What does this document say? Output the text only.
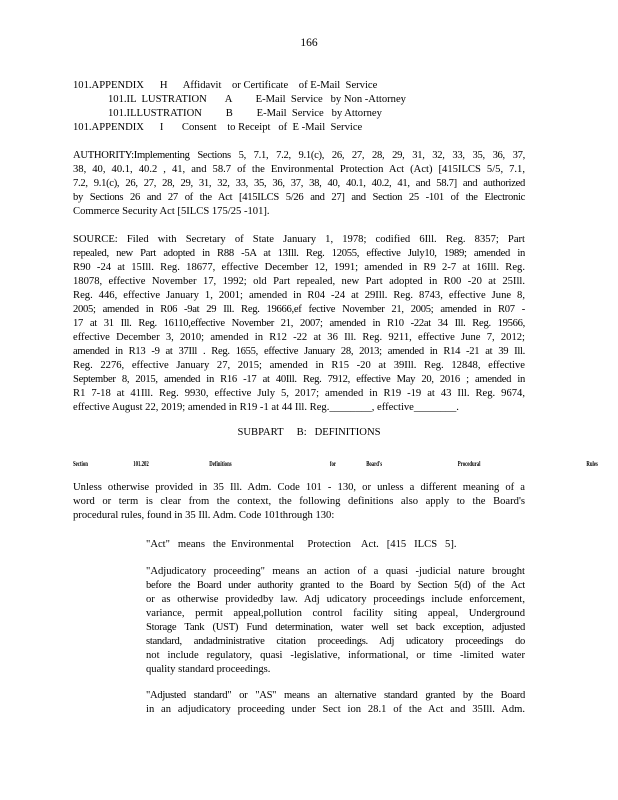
166
101.APPENDIX      H      Affidavit    or Certificate    of E-Mail  Service
101.IL  LUSTRATION       A         E-Mail  Service   by Non -Attorney
101.ILLUSTRATION         B         E-Mail  Service   by Attorney
101.APPENDIX      I       Consent    to Receipt   of  E -Mail  Service
AUTHORITY:Implementing Sections 5, 7.1, 7.2, 9.1(c), 26, 27, 28, 29, 31, 32, 33, 35, 36, 37,
38, 40, 40.1, 40.2 , 41, and 58.7 of the Environmental Protection Act (Act) [415ILCS 5/5, 7.1,
7.2, 9.1(c), 26, 27, 28, 29, 31, 32, 33, 35, 36, 37, 38, 40, 40.1, 40.2, 41, and 58.7] and authorized
by Sections 26 and 27 of the Act [415ILCS 5/26 and 27] and Section 25 -101 of the Electronic
Commerce Security Act [5ILCS 175/25 -101].
SOURCE: Filed with Secretary of State January 1, 1978; codified 6Ill. Reg. 8357; Part
repealed, new Part adopted in R88 -5A at 13Ill. Reg. 12055, effective July10, 1989; amended in
R90 -24 at 15Ill. Reg. 18677, effective December 12, 1991; amended in R9 2-7 at 16Ill. Reg.
18078, effective November 17, 1992; old Part repealed, new Part adopted in R00 -20 at 25Ill.
Reg. 446, effective January 1, 2001; amended in R04 -24 at 29Ill. Reg. 8743, effective June 8,
2005; amended in R06 -9at 29 Ill. Reg. 19666,ef fective November 21, 2005; amended in R07 -
17 at 31 Ill. Reg. 16110,effective November 21, 2007; amended in R10 -22at 34 Ill. Reg. 19566,
effective December 3, 2010; amended in R12 -22 at 36 Ill. Reg. 9211, effective June 7, 2012;
amended in R13 -9 at 37Ill . Reg. 1655, effective January 28, 2013; amended in R14 -21 at 39 Ill.
Reg. 2276, effective January 27, 2015; amended in R15 -20 at 39Ill. Reg. 12848, effective
September 8, 2015, amended in R16 -17 at 40Ill. Reg. 7912, effective May 20, 2016 ; amended in
R1 7-18 at 41Ill. Reg. 9930, effective July 5, 2017; amended in R19 -19 at 43 Ill. Reg. 9674,
effective August 22, 2019; amended in R19 -1 at 44 Ill. Reg.________, effective________.
SUBPART     B:   DEFINITIONS
Section      101.202        Definitions             for    Board's          Procedural              Rules
Unless otherwise provided in 35 Ill. Adm. Code 101 - 130, or unless a different meaning of a
word or term is clear from the context, the following definitions also apply to the Board's
procedural rules, found in 35 Ill. Adm. Code 101through 130:
"Act"   means   the  Environmental     Protection    Act.   [415   ILCS   5].
"Adjudicatory proceeding" means an action of a quasi -judicial nature brought
before the Board under authority granted to the Board by Section 5(d) of the Act
or as otherwise providedby law. Adj udicatory proceedings include enforcement,
variance, permit appeal,pollution control facility siting appeal, Underground
Storage Tank (UST) Fund determination, water well set back exception, adjusted
standard, andadministrative citation proceedings. Adj udicatory proceedings do
not include regulatory, quasi -legislative, informational, or time -limited water
quality standard proceedings.
"Adjusted standard" or "AS" means an alternative standard granted by the Board
in an adjudicatory proceeding under Sect ion 28.1 of the Act and 35Ill. Adm.
